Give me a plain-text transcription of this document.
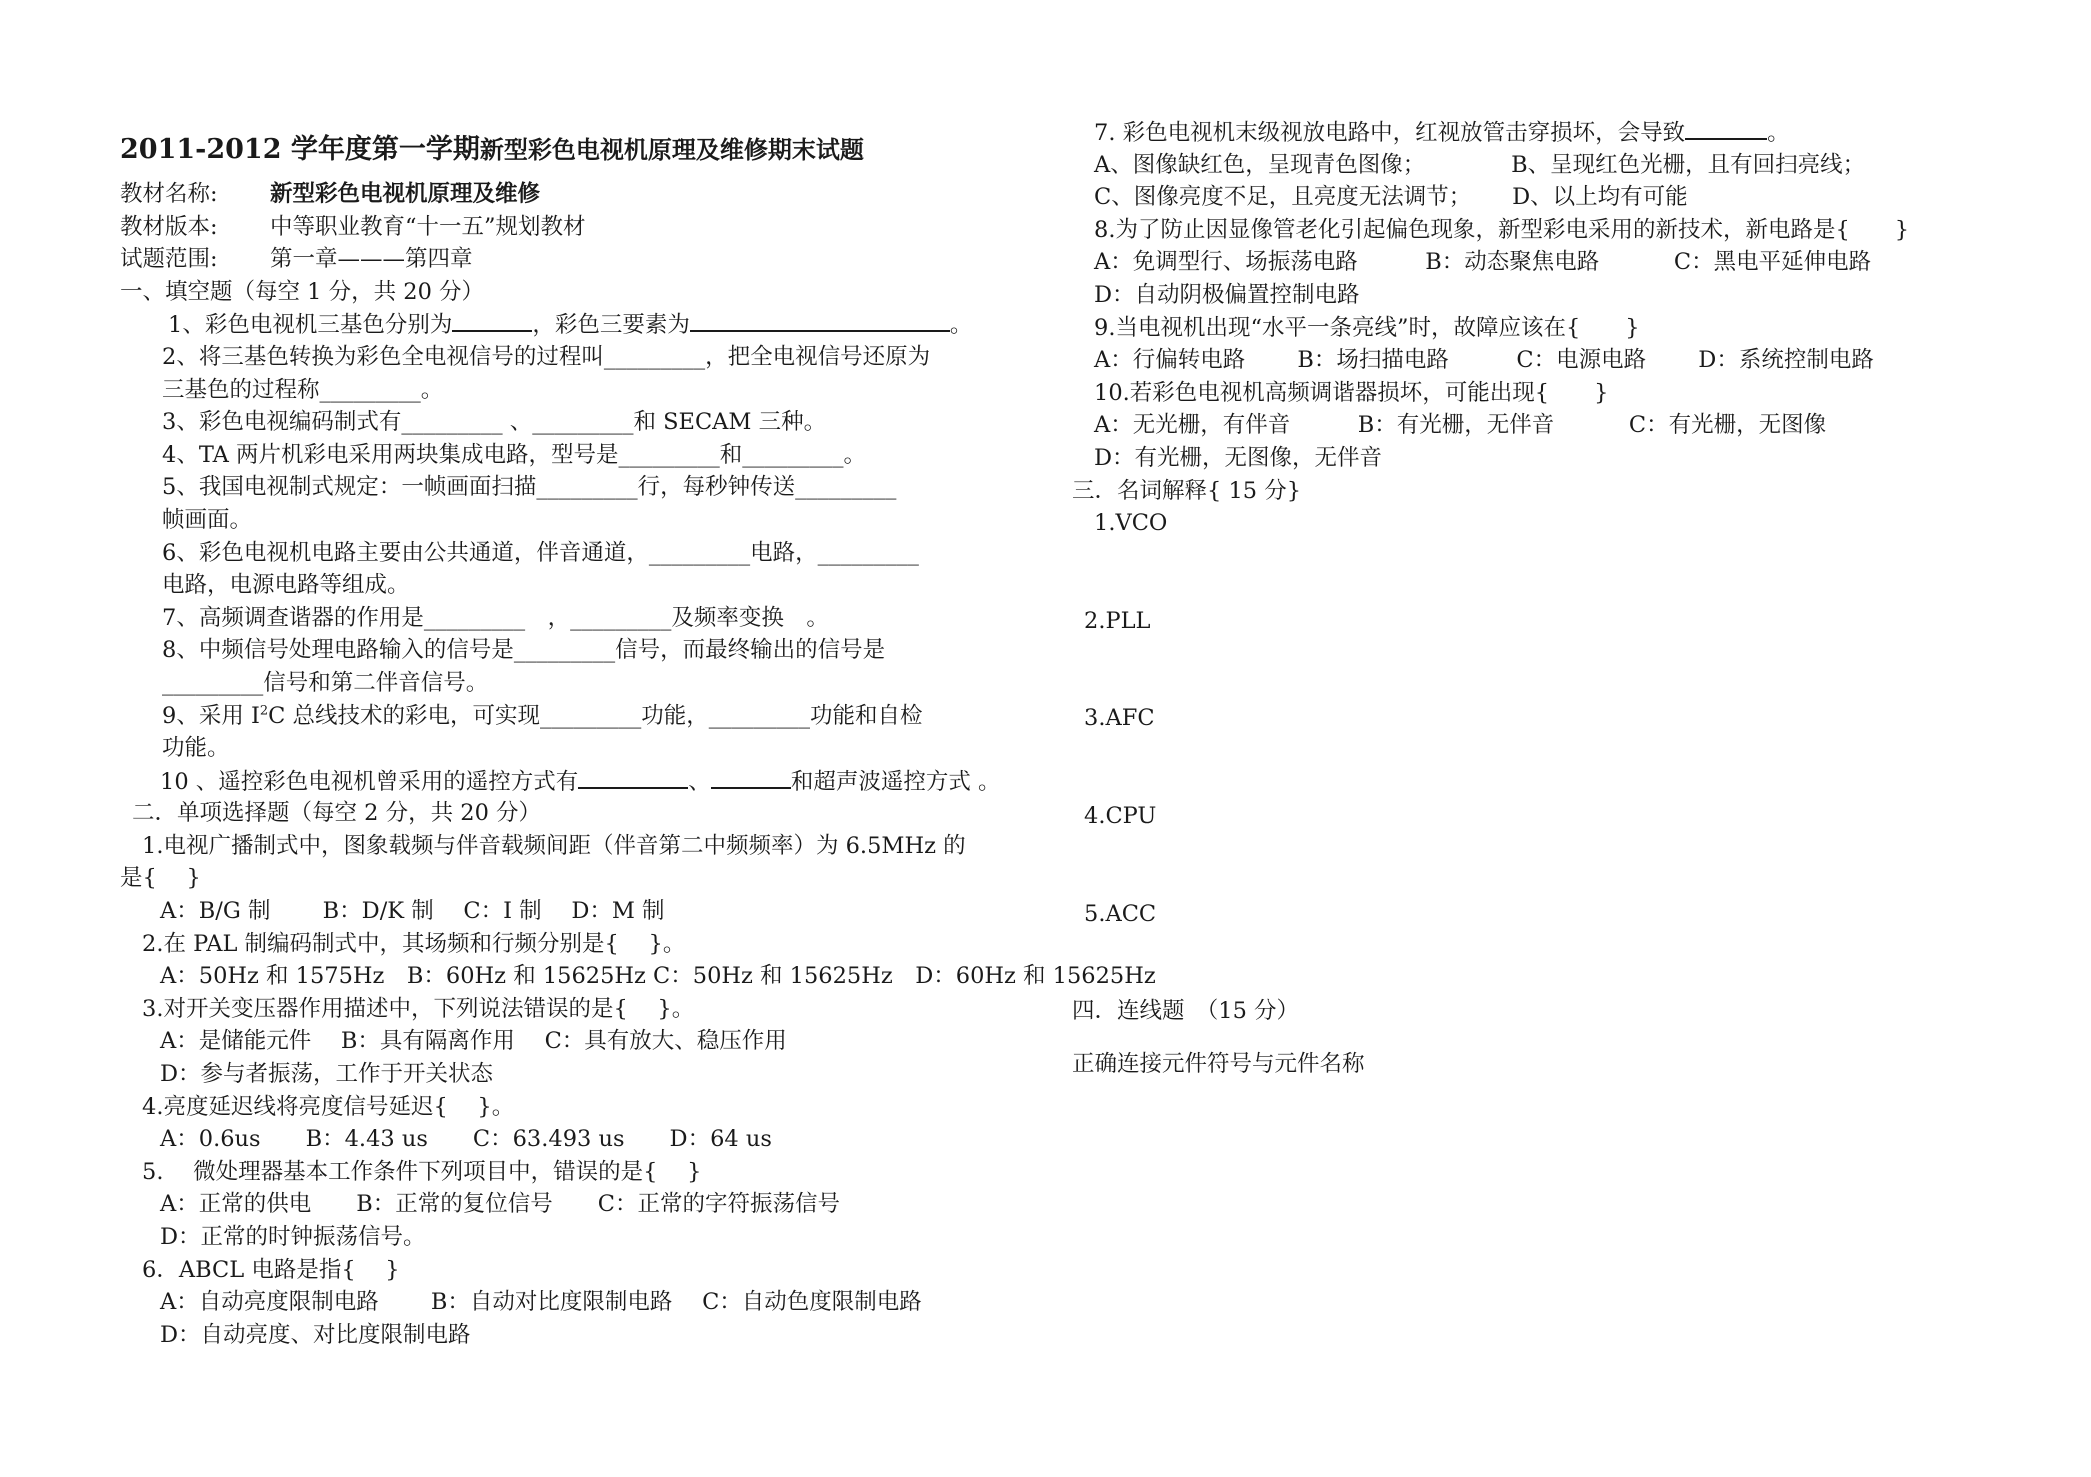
2011-2012 学年度第一学期新型彩色电视机原理及维修期末试题
教材名称: 新型彩色电视机原理及维修
教材版本: 中等职业教育“十一五”规划教材
试题范围: 第一章———第四章
一、填空题（每空 1 分，共 20 分）
1、彩色电视机三基色分别为	，彩色三要素为	。
2、将三基色转换为彩色全电视信号的过程叫_________，把全电视信号还原为
三基色的过程称_________。
3、彩色电视编码制式有_________ 、_________和 SECAM 三种。
4、TA 两片机彩电采用两块集成电路，型号是_________和_________。
5、我国电视制式规定：一帧画面扫描_________行，每秒钟传送_________
帧画面。
6、彩色电视机电路主要由公共通道，伴音通道，_________电路，_________
电路，电源电路等组成。
7、高频调查谐器的作用是_________　，_________及频率变换　。
8、中频信号处理电路输入的信号是_________信号，而最终输出的信号是
_________信号和第二伴音信号。
9、采用 $I^2C$ 总线技术的彩电，可实现_________功能，_________功能和自检
功能。
10 、遥控彩色电视机曾采用的遥控方式有	、	和超声波遥控方式 。
二．单项选择题（每空 2 分，共 20 分）
1.电视广播制式中，图象载频与伴音载频间距（伴音第二中频频率）为 6.5MHz 的
是{　 }
A：B/G 制　　 B：D/K 制　 C：I 制　 D：M 制
2.在 PAL 制编码制式中，其场频和行频分别是{　 }。
A：50Hz 和 1575Hz　B：60Hz 和 15625Hz C：50Hz 和 15625Hz　D：60Hz 和 15625Hz
3.对开关变压器作用描述中，下列说法错误的是{　 }。
A：是储能元件　 B：具有隔离作用　 C：具有放大、稳压作用
D：参与者振荡，工作于开关状态
4.亮度延迟线将亮度信号延迟{　 }。
A：0.6us　　B：4.43 us　　C：63.493 us　　D：64 us
5.　 微处理器基本工作条件下列项目中，错误的是{　 }
A：正常的供电　　B：正常的复位信号　　C：正常的字符振荡信号
D：正常的时钟振荡信号。
6．ABCL 电路是指{　 }
A：自动亮度限制电路　　 B：自动对比度限制电路　 C：自动色度限制电路
D：自动亮度、对比度限制电路
7. 彩色电视机末级视放电路中，红视放管击穿损坏，会导致	。
A、图像缺红色，呈现青色图像；　　　　 B、呈现红色光栅，且有回扫亮线；
C、图像亮度不足，且亮度无法调节；　　 D、以上均有可能
8.为了防止因显像管老化引起偏色现象，新型彩电采用的新技术，新电路是{　　}
A：免调型行、场振荡电路　　　B：动态聚焦电路　　　 C：黑电平延伸电路
D：自动阴极偏置控制电路
9.当电视机出现“水平一条亮线”时，故障应该在{　　}
A：行偏转电路　　 B：场扫描电路　　　C：电源电路　　 D：系统控制电路
10.若彩色电视机高频调谐器损坏，可能出现{　　}
A：无光栅，有伴音　　　B：有光栅，无伴音　　　 C：有光栅，无图像
D：有光栅，无图像，无伴音
三．名词解释{ 15 分}
1.VCO
2.PLL
3.AFC
4.CPU
5.ACC
四．连线题　（15 分）
正确连接元件符号与元件名称
